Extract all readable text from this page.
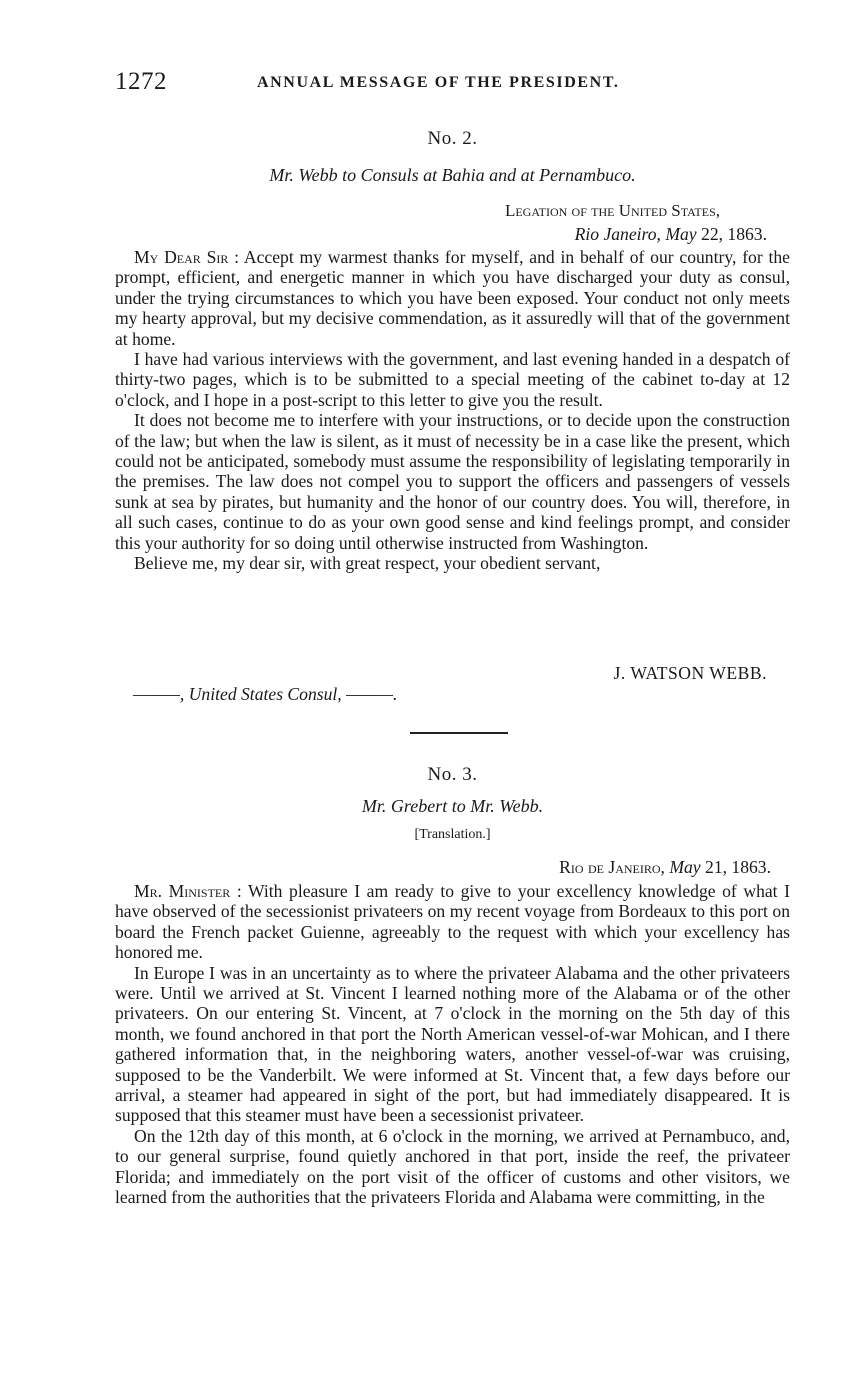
1272	ANNUAL MESSAGE OF THE PRESIDENT.
No. 2.
Mr. Webb to Consuls at Bahia and at Pernambuco.
Legation of the United States,
Rio Janeiro, May 22, 1863.

My Dear Sir : Accept my warmest thanks for myself, and in behalf of our country, for the prompt, efficient, and energetic manner in which you have discharged your duty as consul, under the trying circumstances to which you have been exposed. Your conduct not only meets my hearty approval, but my decisive commendation, as it assuredly will that of the government at home.

I have had various interviews with the government, and last evening handed in a despatch of thirty-two pages, which is to be submitted to a special meeting of the cabinet to-day at 12 o'clock, and I hope in a post-script to this letter to give you the result.

It does not become me to interfere with your instructions, or to decide upon the construction of the law; but when the law is silent, as it must of necessity be in a case like the present, which could not be anticipated, somebody must assume the responsibility of legislating temporarily in the premises. The law does not compel you to support the officers and passengers of vessels sunk at sea by pirates, but humanity and the honor of our country does. You will, therefore, in all such cases, continue to do as your own good sense and kind feelings prompt, and consider this your authority for so doing until otherwise instructed from Washington.

Believe me, my dear sir, with great respect, your obedient servant,

J. WATSON WEBB.
———, United States Consul, ———.
No. 3.
Mr. Grebert to Mr. Webb.
[Translation.]
Rio de Janeiro, May 21, 1863.

Mr. Minister : With pleasure I am ready to give to your excellency knowledge of what I have observed of the secessionist privateers on my recent voyage from Bordeaux to this port on board the French packet Guienne, agreeably to the request with which your excellency has honored me.

In Europe I was in an uncertainty as to where the privateer Alabama and the other privateers were. Until we arrived at St. Vincent I learned nothing more of the Alabama or of the other privateers. On our entering St. Vincent, at 7 o'clock in the morning on the 5th day of this month, we found anchored in that port the North American vessel-of-war Mohican, and I there gathered information that, in the neighboring waters, another vessel-of-war was cruising, supposed to be the Vanderbilt. We were informed at St. Vincent that, a few days before our arrival, a steamer had appeared in sight of the port, but had immediately disappeared. It is supposed that this steamer must have been a secessionist privateer.

On the 12th day of this month, at 6 o'clock in the morning, we arrived at Pernambuco, and, to our general surprise, found quietly anchored in that port, inside the reef, the privateer Florida; and immediately on the port visit of the officer of customs and other visitors, we learned from the authorities that the privateers Florida and Alabama were committing, in the
